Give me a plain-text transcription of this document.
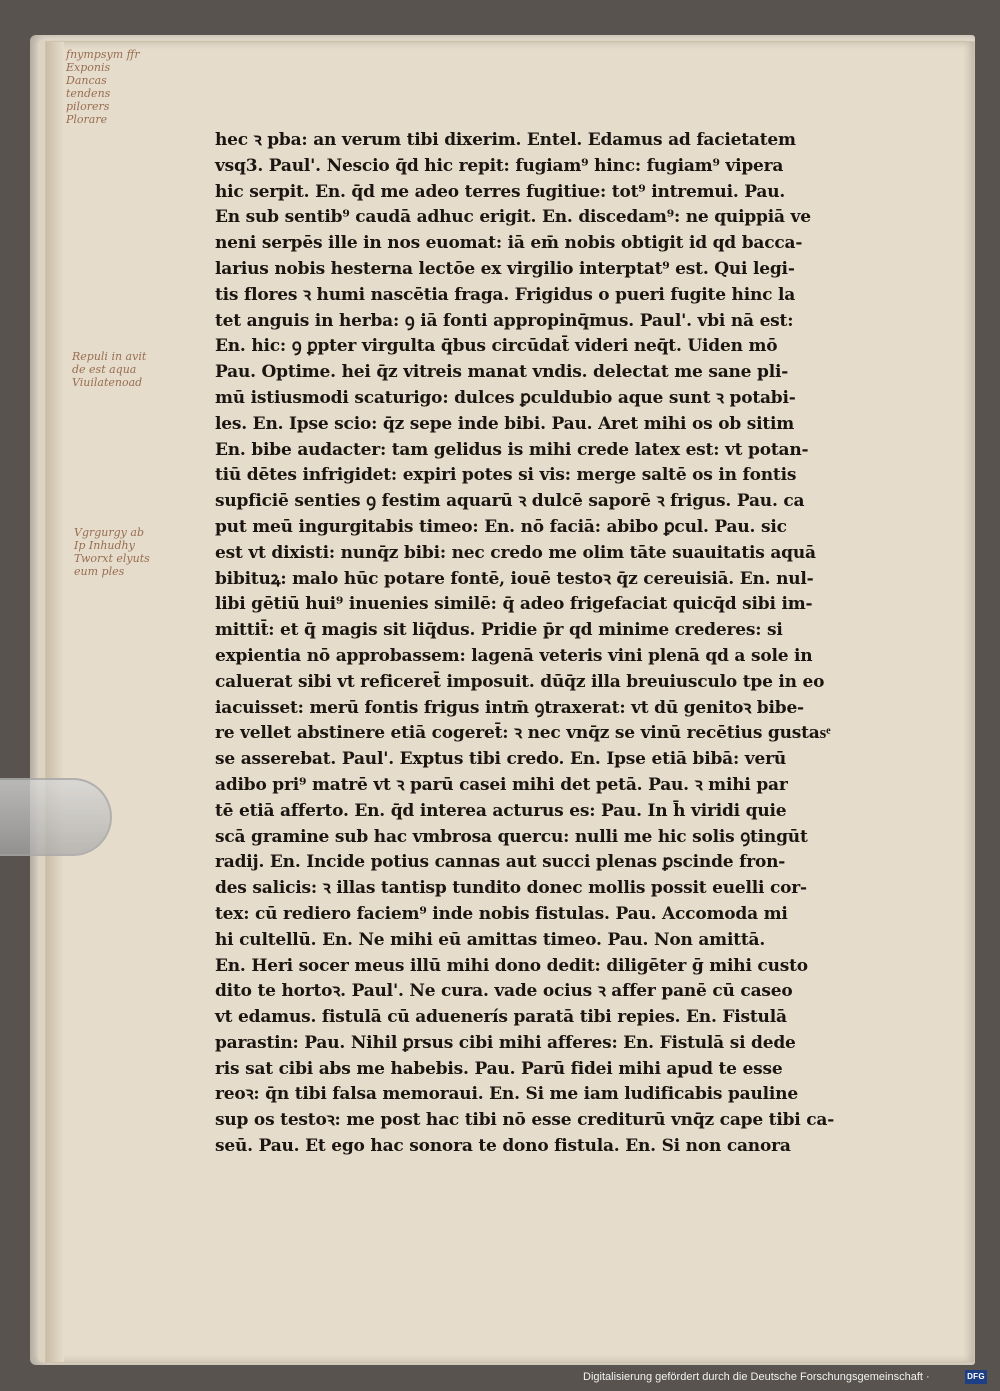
fnympsym ffr
Exponis
Dancas
tendens
pilorers
Plorare
Repuli in avit
de est aqua
Viuilatenoad
Vgrgurgy ab
Ip Inhudhy
Tworxt elyuts
eum ples
hec ꝛ pba: an verum tibi dixerim. Entel. Edamus ad facietatem
vsq3. Paul'. Nescio q̄d hic repit: fugiam⁹ hinc: fugiam⁹ vipera
hic serpit. En. q̄d me adeo terres fugitiue: tot⁹ intremui. Pau.
En sub sentib⁹ caudā adhuc erigit. En. discedam⁹: ne quippiā ve
neni serpēs ille in nos euomat: iā em̄ nobis obtigit id qd bacca-
larius nobis hesterna lectōe ex virgilio interptat⁹ est. Qui legi-
tis flores ꝛ humi nascētia fraga. Frigidus o pueri fugite hinc la
tet anguis in herba: ꝯ iā fonti appropinq̄mus. Paul'. vbi nā est:
En. hic: ꝯ ꝑpter virgulta q̄bus circūdat̄ videri neq̄t. Uiden mō
Pau. Optime. hei q̄z vitreis manat vndis. delectat me sane pli-
mū istiusmodi scaturigo: dulces ꝑculdubio aque sunt ꝛ potabi-
les. En. Ipse scio: q̄z sepe inde bibi. Pau. Aret mihi os ob sitim
En. bibe audacter: tam gelidus is mihi crede latex est: vt potan-
tiū dētes infrigidet: expiri potes si vis: merge saltē os in fontis
supficiē senties ꝯ festim aquarū ꝛ dulcē saporē ꝛ frigus. Pau. ca
put meū ingurgitabis timeo: En. nō faciā: abibo ꝑcul. Pau. sic
est vt dixisti: nunq̄z bibi: nec credo me olim tāte suauitatis aquā
bibituꝝ: malo hūc potare fontē, iouē testoꝛ q̄z cereuisiā. En. nul-
libi gētiū hui⁹ inuenies similē: q̄ adeo frigefaciat quicq̄d sibi im-
mittit̄: et q̄ magis sit liq̄dus. Pridie p̄r qd minime crederes: si
expientia nō approbassem: lagenā veteris vini plenā qd a sole in
caluerat sibi vt reficeret̄ imposuit. dūq̄z illa breuiusculo tpe in eo
iacuisset: merū fontis frigus intm̄ ꝯtraxerat: vt dū genitoꝛ bibe-
re vellet abstinere etiā cogeret̄: ꝛ nec vnq̄z se vinū recētius gustasͤ
se asserebat. Paul'. Exptus tibi credo. En. Ipse etiā bibā: verū
adibo pri⁹ matrē vt ꝛ parū casei mihi det petā. Pau. ꝛ mihi par
tē etiā afferto. En. q̄d interea acturus es: Pau. In h̄ viridi quie
scā gramine sub hac vmbrosa quercu: nulli me hic solis ꝯtingūt
radij. En. Incide potius cannas aut succi plenas ꝑscinde fron-
des salicis: ꝛ illas tantisp tundito donec mollis possit euelli cor-
tex: cū rediero faciem⁹ inde nobis fistulas. Pau. Accomoda mi
hi cultellū. En. Ne mihi eū amittas timeo. Pau. Non amittā.
En. Heri socer meus illū mihi dono dedit: diligēter ḡ mihi custo
dito te hortoꝛ. Paul'. Ne cura. vade ocius ꝛ affer panē cū caseo
vt edamus. fistulā cū aduenerís paratā tibi repies. En. Fistulā
parastin: Pau. Nihil ꝑrsus cibi mihi afferes: En. Fistulā si dede
ris sat cibi abs me habebis. Pau. Parū fidei mihi apud te esse
reoꝛ: q̄n tibi falsa memoraui. En. Si me iam ludificabis pauline
sup os testoꝛ: me post hac tibi nō esse crediturū vnq̄z cape tibi ca-
seū. Pau. Et ego hac sonora te dono fistula. En. Si non canora
Digitalisierung gefördert durch die Deutsche Forschungsgemeinschaft ·	DFG
